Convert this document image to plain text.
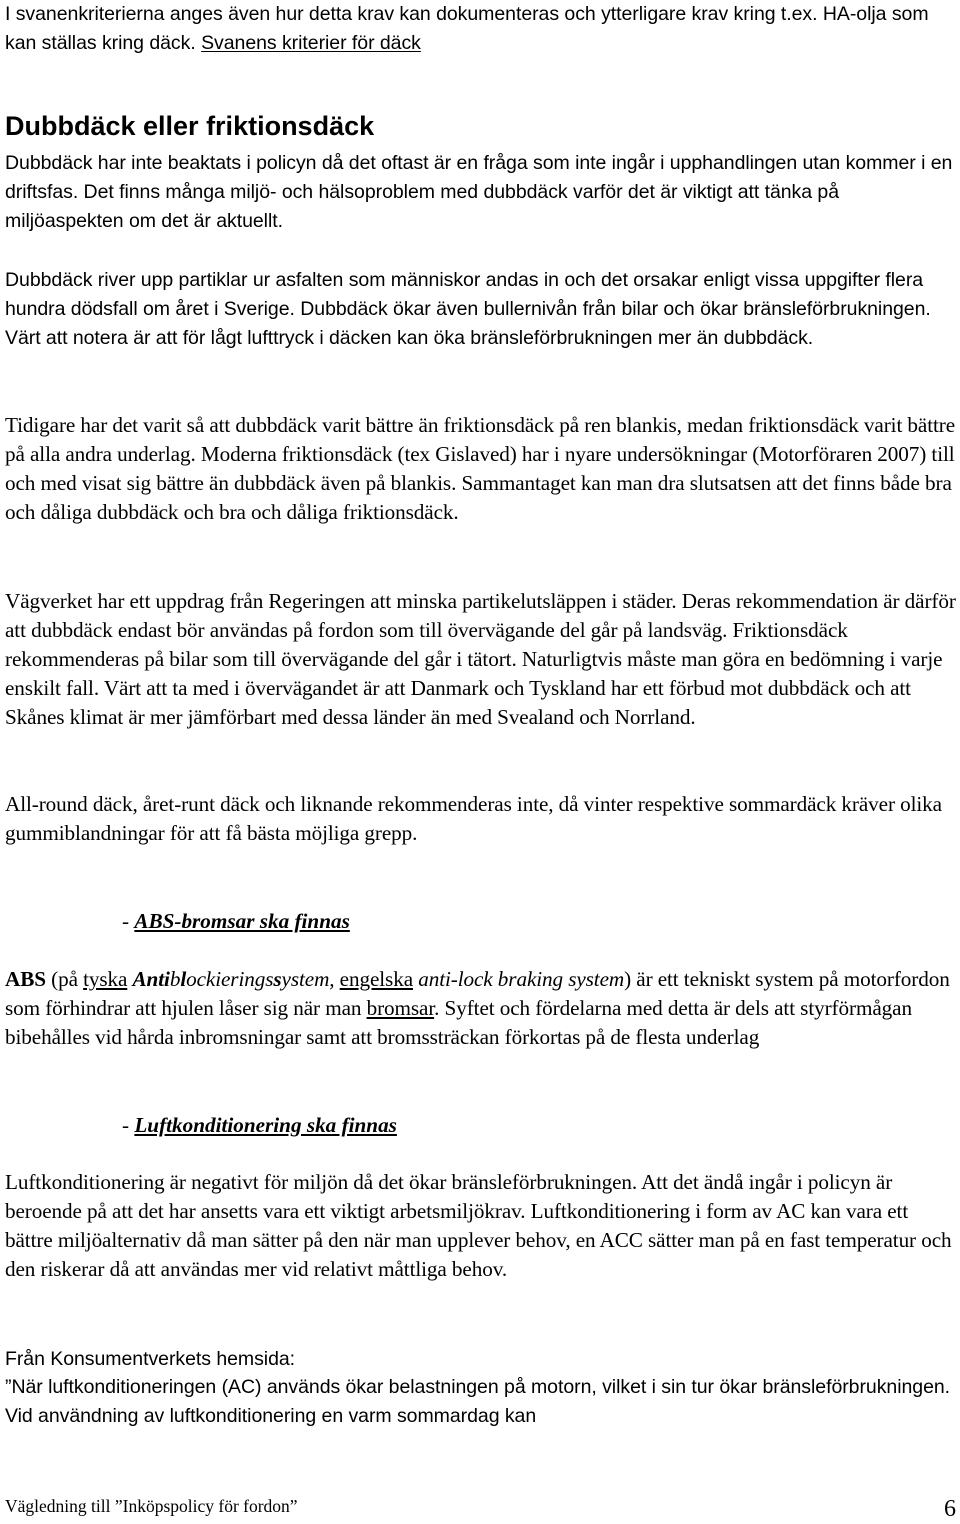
I svanenkriterierna anges även hur detta krav kan dokumenteras och ytterligare krav kring t.ex. HA-olja som kan ställas kring däck. Svanens kriterier för däck

Dubbdäck eller friktionsdäck

Dubbdäck har inte beaktats i policyn då det oftast är en fråga som inte ingår i upphandlingen utan kommer i en driftsfas. Det finns många miljö- och hälsoproblem med dubbdäck varför det är viktigt att tänka på miljöaspekten om det är aktuellt.

Dubbdäck river upp partiklar ur asfalten som människor andas in och det orsakar enligt vissa uppgifter flera hundra dödsfall om året i Sverige. Dubbdäck ökar även bullernivån från bilar och ökar bränsleförbrukningen. Värt att notera är att för lågt lufttryck i däcken kan öka bränsleförbrukningen mer än dubbdäck.

Tidigare har det varit så att dubbdäck varit bättre än friktionsdäck på ren blankis, medan friktionsdäck varit bättre på alla andra underlag. Moderna friktionsdäck (tex Gislaved) har i nyare undersökningar (Motorföraren 2007) till och med visat sig bättre än dubbdäck även på blankis. Sammantaget kan man dra slutsatsen att det finns både bra och dåliga dubbdäck och bra och dåliga friktionsdäck.

Vägverket har ett uppdrag från Regeringen att minska partikelutsläppen i städer. Deras rekommendation är därför att dubbdäck endast bör användas på fordon som till övervägande del går på landsväg. Friktionsdäck rekommenderas på bilar som till övervägande del går i tätort. Naturligtvis måste man göra en bedömning i varje enskilt fall. Värt att ta med i övervägandet är att Danmark och Tyskland har ett förbud mot dubbdäck och att Skånes klimat är mer jämförbart med dessa länder än med Svealand och Norrland.

All-round däck, året-runt däck och liknande rekommenderas inte, då vinter respektive sommardäck kräver olika gummiblandningar för att få bästa möjliga grepp.

- ABS-bromsar ska finnas

ABS (på tyska Antiblockieringssystem, engelska anti-lock braking system) är ett tekniskt system på motorfordon som förhindrar att hjulen låser sig när man bromsar. Syftet och fördelarna med detta är dels att styrförmågan bibehålles vid hårda inbromsningar samt att bromssträckan förkortas på de flesta underlag

- Luftkonditionering ska finnas

Luftkonditionering är negativt för miljön då det ökar bränsleförbrukningen. Att det ändå ingår i policyn är beroende på att det har ansetts vara ett viktigt arbetsmiljökrav. Luftkonditionering i form av AC kan vara ett bättre miljöalternativ då man sätter på den när man upplever behov, en ACC sätter man på en fast temperatur och den riskerar då att användas mer vid relativt måttliga behov.

Från Konsumentverkets hemsida:

”När luftkonditioneringen (AC) används ökar belastningen på motorn, vilket i sin tur ökar bränsleförbrukningen. Vid användning av luftkonditionering en varm sommardag kan

Vägledning till ”Inköpspolicy för fordon”	6
